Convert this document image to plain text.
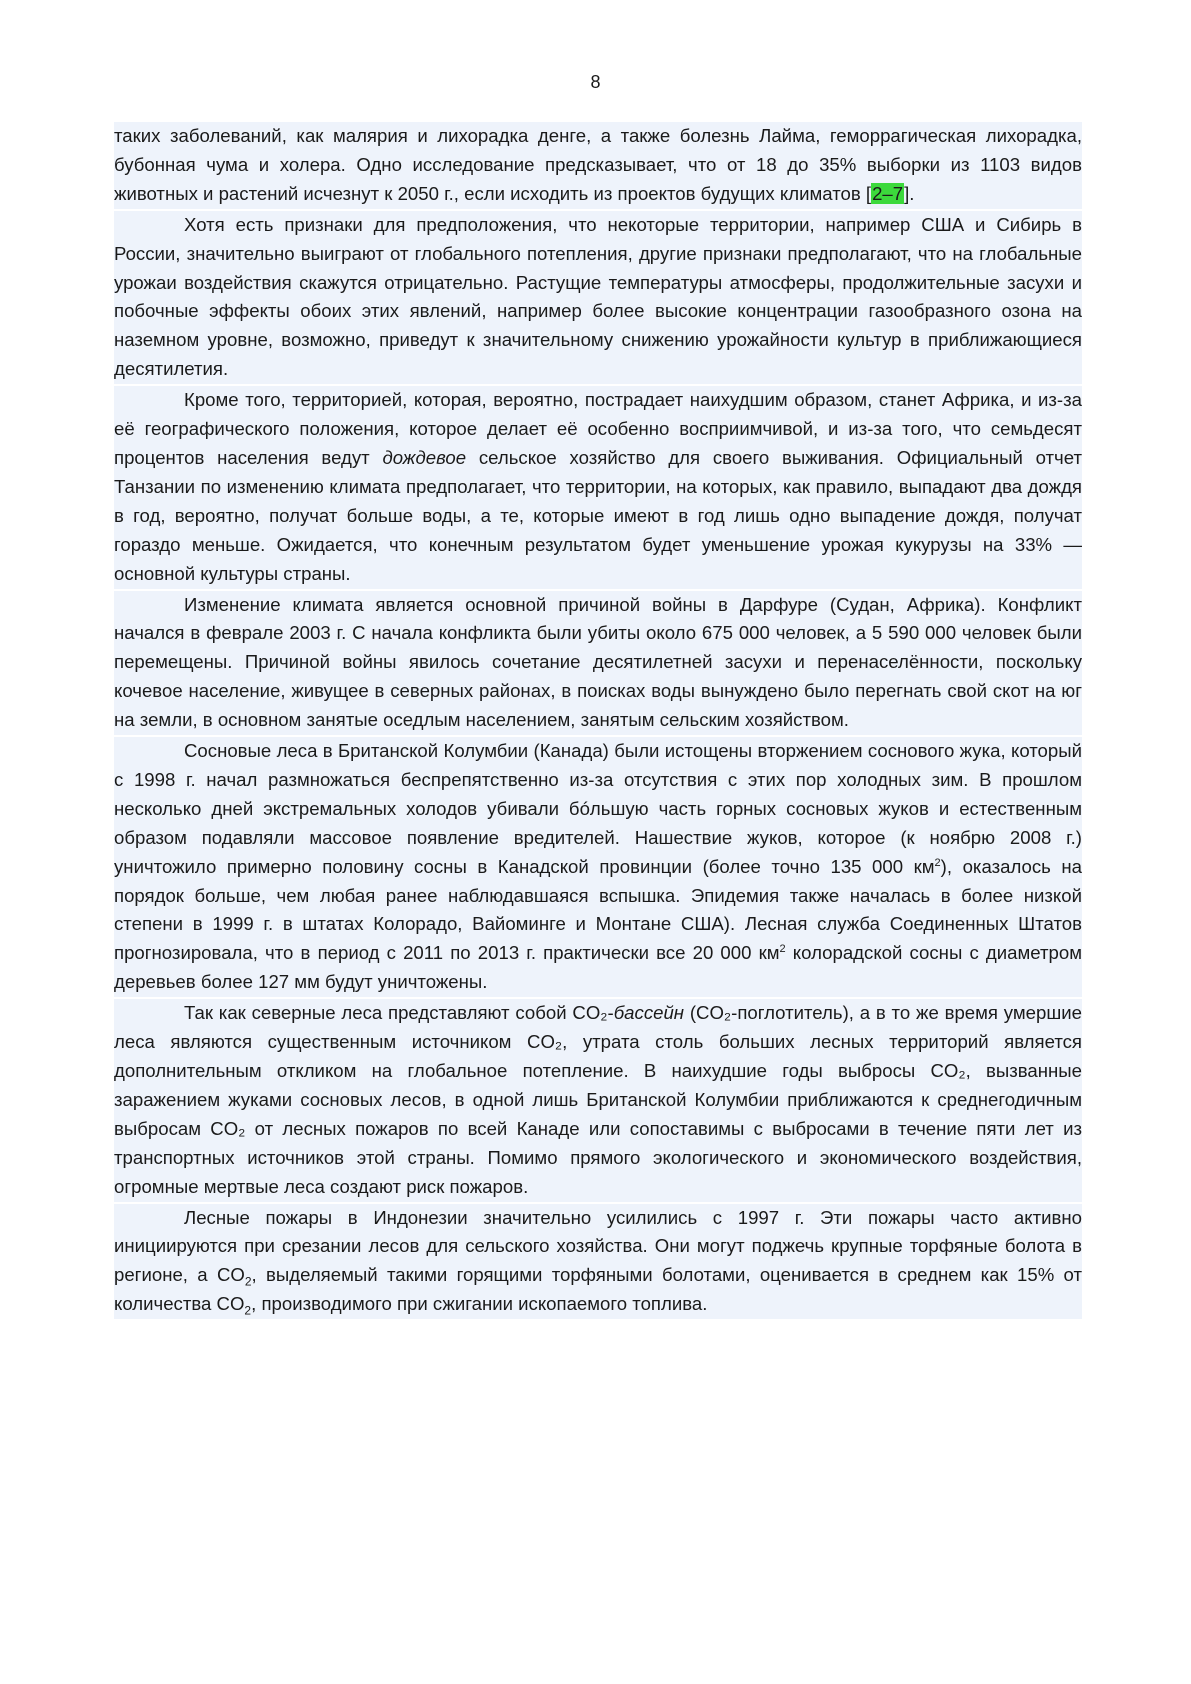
8

таких заболеваний, как малярия и лихорадка денге, а также болезнь Лайма, геморрагическая лихорадка, бубонная чума и холера. Одно исследование предсказывает, что от 18 до 35% выборки из 1103 видов животных и растений исчезнут к 2050 г., если исходить из проектов будущих климатов [2–7].

Хотя есть признаки для предположения, что некоторые территории, например США и Сибирь в России, значительно выиграют от глобального потепления, другие признаки предполагают, что на глобальные урожаи воздействия скажутся отрицательно. Растущие температуры атмосферы, продолжительные засухи и побочные эффекты обоих этих явлений, например более высокие концентрации газообразного озона на наземном уровне, возможно, приведут к значительному снижению урожайности культур в приближающиеся десятилетия.

Кроме того, территорией, которая, вероятно, пострадает наихудшим образом, станет Африка, и из-за её географического положения, которое делает её особенно восприимчивой, и из-за того, что семьдесят процентов населения ведут дождевое сельское хозяйство для своего выживания. Официальный отчет Танзании по изменению климата предполагает, что территории, на которых, как правило, выпадают два дождя в год, вероятно, получат больше воды, а те, которые имеют в год лишь одно выпадение дождя, получат гораздо меньше. Ожидается, что конечным результатом будет уменьшение урожая кукурузы на 33% — основной культуры страны.

Изменение климата является основной причиной войны в Дарфуре (Судан, Африка). Конфликт начался в феврале 2003 г. С начала конфликта были убиты около 675 000 человек, а 5 590 000 человек были перемещены. Причиной войны явилось сочетание десятилетней засухи и перенаселённости, поскольку кочевое население, живущее в северных районах, в поисках воды вынуждено было перегнать свой скот на юг на земли, в основном занятые оседлым населением, занятым сельским хозяйством.

Сосновые леса в Британской Колумбии (Канада) были истощены вторжением соснового жука, который с 1998 г. начал размножаться беспрепятственно из-за отсутствия с этих пор холодных зим. В прошлом несколько дней экстремальных холодов убивали бóльшую часть горных сосновых жуков и естественным образом подавляли массовое появление вредителей. Нашествие жуков, которое (к ноябрю 2008 г.) уничтожило примерно половину сосны в Канадской провинции (более точно 135 000 $км^2$), оказалось на порядок больше, чем любая ранее наблюдавшаяся вспышка. Эпидемия также началась в более низкой степени в 1999 г. в штатах Колорадо, Вайоминге и Монтане США). Лесная служба Соединенных Штатов прогнозировала, что в период с 2011 по 2013 г. практически все 20 000 $км^2$ колорадской сосны с диаметром деревьев более 127 мм будут уничтожены.

Так как северные леса представляют собой CO₂-бассейн (CO₂-поглотитель), а в то же время умершие леса являются существенным источником CO₂, утрата столь больших лесных территорий является дополнительным откликом на глобальное потепление. В наихудшие годы выбросы CO₂, вызванные заражением жуками сосновых лесов, в одной лишь Британской Колумбии приближаются к среднегодичным выбросам CO₂ от лесных пожаров по всей Канаде или сопоставимы с выбросами в течение пяти лет из транспортных источников этой страны. Помимо прямого экологического и экономического воздействия, огромные мертвые леса создают риск пожаров.

Лесные пожары в Индонезии значительно усилились с 1997 г. Эти пожары часто активно инициируются при срезании лесов для сельского хозяйства. Они могут поджечь крупные торфяные болота в регионе, а $CO_2$, выделяемый такими горящими торфяными болотами, оценивается в среднем как 15% от количества $CO_2$, производимого при сжигании ископаемого топлива.
